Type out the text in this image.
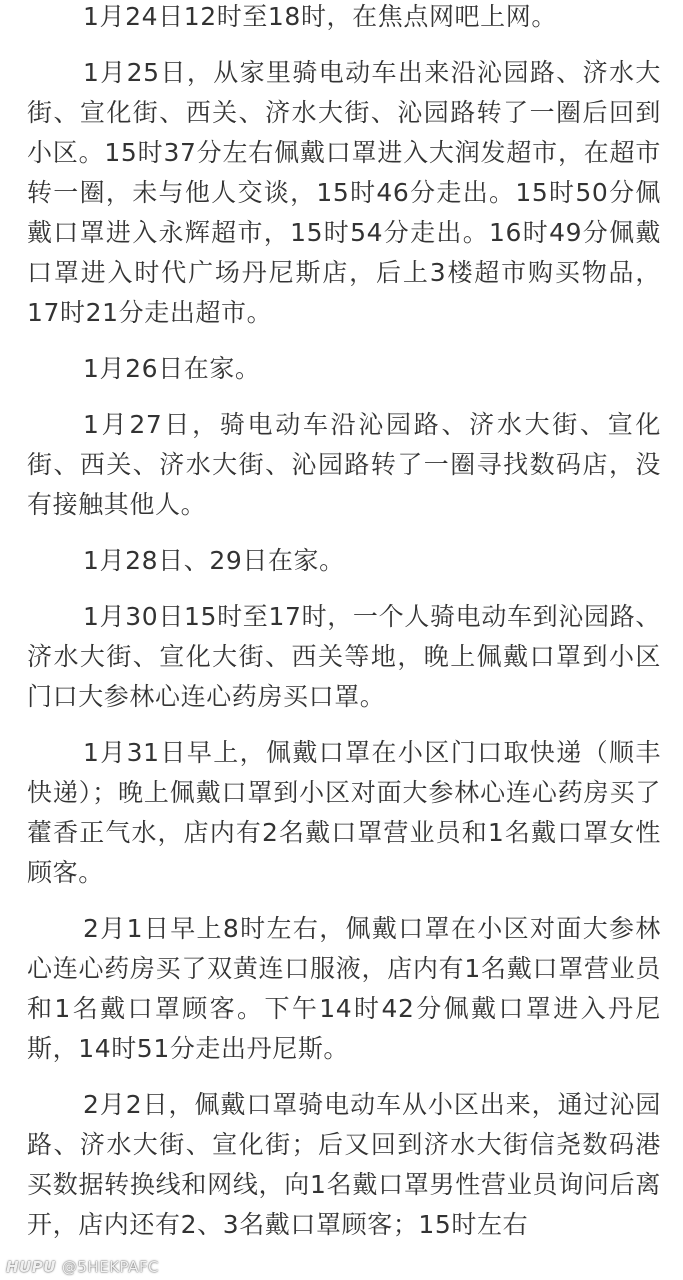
1月24日12时至18时，在焦点网吧上网。

1月25日，从家里骑电动车出来沿沁园路、济水大街、宣化街、西关、济水大街、沁园路转了一圈后回到小区。15时37分左右佩戴口罩进入大润发超市，在超市转一圈，未与他人交谈，15时46分走出。15时50分佩戴口罩进入永辉超市，15时54分走出。16时49分佩戴口罩进入时代广场丹尼斯店，后上3楼超市购买物品，17时21分走出超市。

1月26日在家。

1月27日，骑电动车沿沁园路、济水大街、宣化街、西关、济水大街、沁园路转了一圈寻找数码店，没有接触其他人。

1月28日、29日在家。

1月30日15时至17时，一个人骑电动车到沁园路、济水大街、宣化大街、西关等地，晚上佩戴口罩到小区门口大参林心连心药房买口罩。

1月31日早上，佩戴口罩在小区门口取快递（顺丰快递）；晚上佩戴口罩到小区对面大参林心连心药房买了藿香正气水，店内有2名戴口罩营业员和1名戴口罩女性顾客。

2月1日早上8时左右，佩戴口罩在小区对面大参林心连心药房买了双黄连口服液，店内有1名戴口罩营业员和1名戴口罩顾客。下午14时42分佩戴口罩进入丹尼斯，14时51分走出丹尼斯。

2月2日，佩戴口罩骑电动车从小区出来，通过沁园路、济水大街、宣化街；后又回到济水大街信尧数码港买数据转换线和网线，向1名戴口罩男性营业员询问后离开，店内还有2、3名戴口罩顾客；15时左右

HUPU @5HEKPAFC
